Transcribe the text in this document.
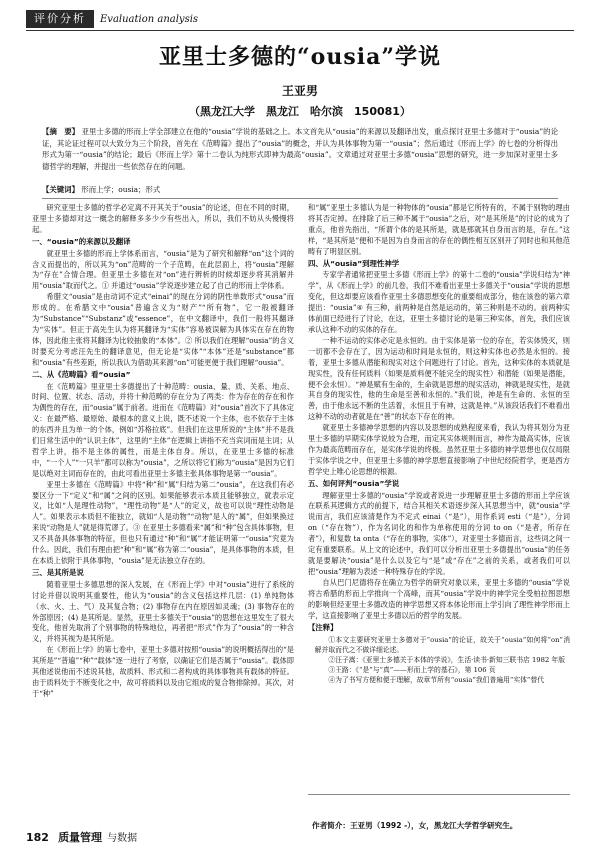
评价分析	Evaluation analysis
亚里士多德的“ousia”学说
王亚男
（黑龙江大学　黑龙江　哈尔滨　150081）
【摘　要】 亚里士多德的形而上学全部建立在他的“ousia”学说的基础之上。本文首先从“ousia”的来源以及翻译出发，重点探讨亚里士多德对于“ousia”的论证，其论证过程可以大致分为三个阶段，首先在《范畴篇》提出了“ousia”的概念，并认为具体事物为第一“ousia”；然后通过《形而上学》的七卷的分析得出形式为第一“ousia”的结论；最后《形而上学》第十二卷认为纯形式即神为最高“ousia”。文章通过对亚里士多德“ousia”思想的研究，进一步加深对亚里士多德哲学的理解，并提出一些依然存在的问题。
【关键词】 形而上学；ousia；形式

研究亚里士多德的哲学必定离不开其关于“ousia”的论述，但在不同的时期，亚里士多德却对这一概念的解释多多少少有些出入，所以，我们不妨从头慢慢将起。

一、“ousia”的来源以及翻译

就亚里士多德的形而上学体系而言，“ousia”是为了研究和解释“on”这个词的含义而提出的，所以其为“on”范畴的一个子范畴，在此层面上，将“ousia”理解为“存在”合情合理。但亚里士多德在对“on”进行辨析的时候却逐步将其消解并用“ousia”取而代之。① 并通过“ousia”学说逐步建立起了自己的形而上学体系。

希腊文“ousia”是由动词不定式“einai”的现在分词的阴性单数形式“ousa”而形成的。在希腊文中“ousia”普遍含义为“财产”“所有物”，它一般被翻译为“Substance”“Substanz”或“essence”，在中文翻译中，我们一般将其翻译为“实体”。但正于高先生认为将其翻译为“实体”容易被误解为具体实在存在的物体，因此他主张将其翻译为比较抽象的“本体”。② 所以我们在理解“ousia”的含义时要充分考虑汪先生的翻译意见，但无论是“实体”“本体”还是“substance”都和“ousia”有些差距，所以我认为借助其来源“on”可能更便于我们理解“ousia”。

二、从《范畴篇》看“ousia”

在《范畴篇》里亚里士多德提出了十种范畴：ousia、量、质、关系、地点、时间、位置、状态、活动，并将十种范畴的存在分为了两类：作为存在的存在和作为偶性的存在，而“ousia”属于前者。进而在《范畴篇》对“ousia”首次下了具体定义：在最严格、最原始、最根本的意义上说，既不述说一个主体，也不依存于主体的东西并且为单一的个体，例如“苏格拉底”。但我们在这里所说的“主体”并不是我们日常生活中的“认识主体”，这里的“主体”在逻辑上讲指不充当宾词而是主词；从哲学上讲，指不是主体的属性，而是主体自身。所以，在亚里士多德的标准中，“一个人”“一只羊”都可以称为“ousia”，之所以将它们称为“ousia”是因为它们是以绝对主词而存在的，由此可看出亚里士多德主张具体事物是第一“ousia”。

亚里士多德在《范畴篇》中将“种”和“属”归结为第二“ousia”，在这我们有必要区分一下“定义”和“属”之间的区别。如果能够表示本质且能够独立，就表示定义，比如“人是理性动物”，“理性动物”是“人”的定义，故也可以说“理性动物是人”。如果表示本质但不能独立，就如“人是动物”“动物”是人的“属”，但如果换过来说“动物是人”就是得荒谬了。③ 在亚里士多德看来“属”和“种”包含具体事物，但又不具备具体事物的特征，但也只有通过“种”和“属”才能证明第一“ousia”究竟为什么。因此，我们有理由把“种”和“属”称为第二“ousia”，是具体事物的本质，但在本质上依附于具体事物，“ousia”是无法独立存在的。

三、是其所是说

随着亚里士多德思想的深入发展，在《形而上学》中对“ousia”进行了系统的讨论并借以说明其重要性，他认为“ousia”的含义包括这样几层：(1) 单纯物体（水、火、土、气）及其复合物；(2) 事物存在内在原因如灵魂；(3) 事物存在的外部原因；(4) 是其所是。显然，亚里士多德关于“ousia”的思想在这里发生了很大变化，他首先取消了个别事物的特殊地位，再者把“形式”作为了“ousia”的一种含义，并将其视为是其所是。

在《形而上学》的第七卷中，亚里士多德对按照“ousia”的说明概括得出的“是其所是”“普遍”“种”“载体”逐一进行了考察，以确证它们是否属于“ousia”。载体即其他述说他而不述说其他，故质料、形式和二者构成的具体事物具有载体的特征。由于质料处于不断变化之中，故可将质料以及由它组成的复合物排除掉。其次，对于“种”

和“属”亚里士多德认为是一种物体的“ousia”都是它所特有的，不属于别物的理由将其否定掉。在排除了后三种不属于“ousia”之后，对“是其所是”的讨论的成为了重点，他首先指出，“所谓个体的是其所是，就是那就其自身而言的是，存在。”这样，“是其所是”便和不是因为自身而言的存在的偶性相互区别开了同时也和其他范畴有了明显区别。

四、从“ousia”到理性神学

专家学者通常把亚里士多德《形而上学》的第十二卷的“ousia”学说归结为“神学”，从《形而上学》的前几卷，我们不难看出亚里士多德关于“ousia”学说的思想变化，但这却要应该看作亚里士多德思想变化的重要组成部分，他在该卷的第六章提出：“ousia”④ 有三种，前两种是自然是运动的，第三种则是不动的。前两种实体前面已经进行了讨论，在这，亚里士多德讨论的是第三种实体，首先，我们应该承认这种不动的实体的存在。

一种不运动的实体必定是永恒的。由于实体是第一位的存在，若实体毁灭，则一切都不会存在了，因为运动和时间是永恒的，则这种实体也必然是永恒的。接着，亚里士多德从潜能和现实对这个问题进行了讨论。首先，这种实体的本质就是现实性，没有任何质料（如果是质料便不能完全的现实性）和潜能（如果是潜能，便不会永恒）。“神是赋有生命的，生命就是思想的现实活动，神就是现实性，是就其自身的现实性，他的生命是至善和永恒的。”我们说，神是有生命的、永恒的至善，由于他永远不断的生活着，永恒且于有神，这就是神。”从该段话我们不难看出这种不动的动者就是在“善”的状态下存在的神。

就亚里士多德神学思想的内容以及思想的成熟程度来看，我认为将其划分为亚里士多德的早期实体学说较为合理，而定其实体规则而言，神作为最高实体，应该作为最高范畴而存在，是实体学说的终极。虽然亚里士多德的神学思想也仅仅局限于实体学说之中，但亚里士多德的神学思想直接影响了中世纪经院哲学，更是西方哲学史上唯心论思想的根源。

五、如何评判“ousia”学说

理解亚里士多德的“ousia”学说或者说进一步理解亚里士多德的形而上学应该在联系其逻辑方式的前提下，结合其相关术语逐步深入其思想当中，就“ousia”学说而言，我们应该清楚作为不定式 einai（“是”），用作系词 esti（“是”），分词 on（“存在物”），作为名词化的和作为单称使用的分词 to on（“是者，所存在者”），和复数 ta onta（“存在的事物，实体”），对亚里士多德而言，这些词之间一定有重要联系。从上文的论述中，我们可以分析出亚里士多德提出“ousia”的任务就是要解决“ousia”是什么以及它与“是”或“存在”之前的关系，或者我们可以把“ousia”理解为表述一种特殊存在的学说。

自从巴门尼德将存在确立为哲学的研究对象以来，亚里士多德的“ousia”学说将古希腊的形而上学推向一个高峰，而其“ousia”学说中的神学完全受柏拉图思想的影响但经亚里士多德改造的神学思想又将本体论形而上学引向了理性神学形而上学，这直接影响了亚里士多德以后的哲学的发展。

【注释】

①本文主要研究亚里士多德对于“ousia”的论证，故关于“ousia”如何将“on”消解并取而代之不做详细论述。

②汪子嵩：《亚里士多德关于本体的学说》，生活·读书·新知三联书店 1982 年版

③王路：《“是”与“真”——形而上学的基石》，第 106 页

④为了书写方便和便于理解，故章节所有“ousia”我们普遍用“实体”替代

作者简介：王亚男（1992 -），女，黑龙江大学哲学研究生。
182 质量管理 与数据
